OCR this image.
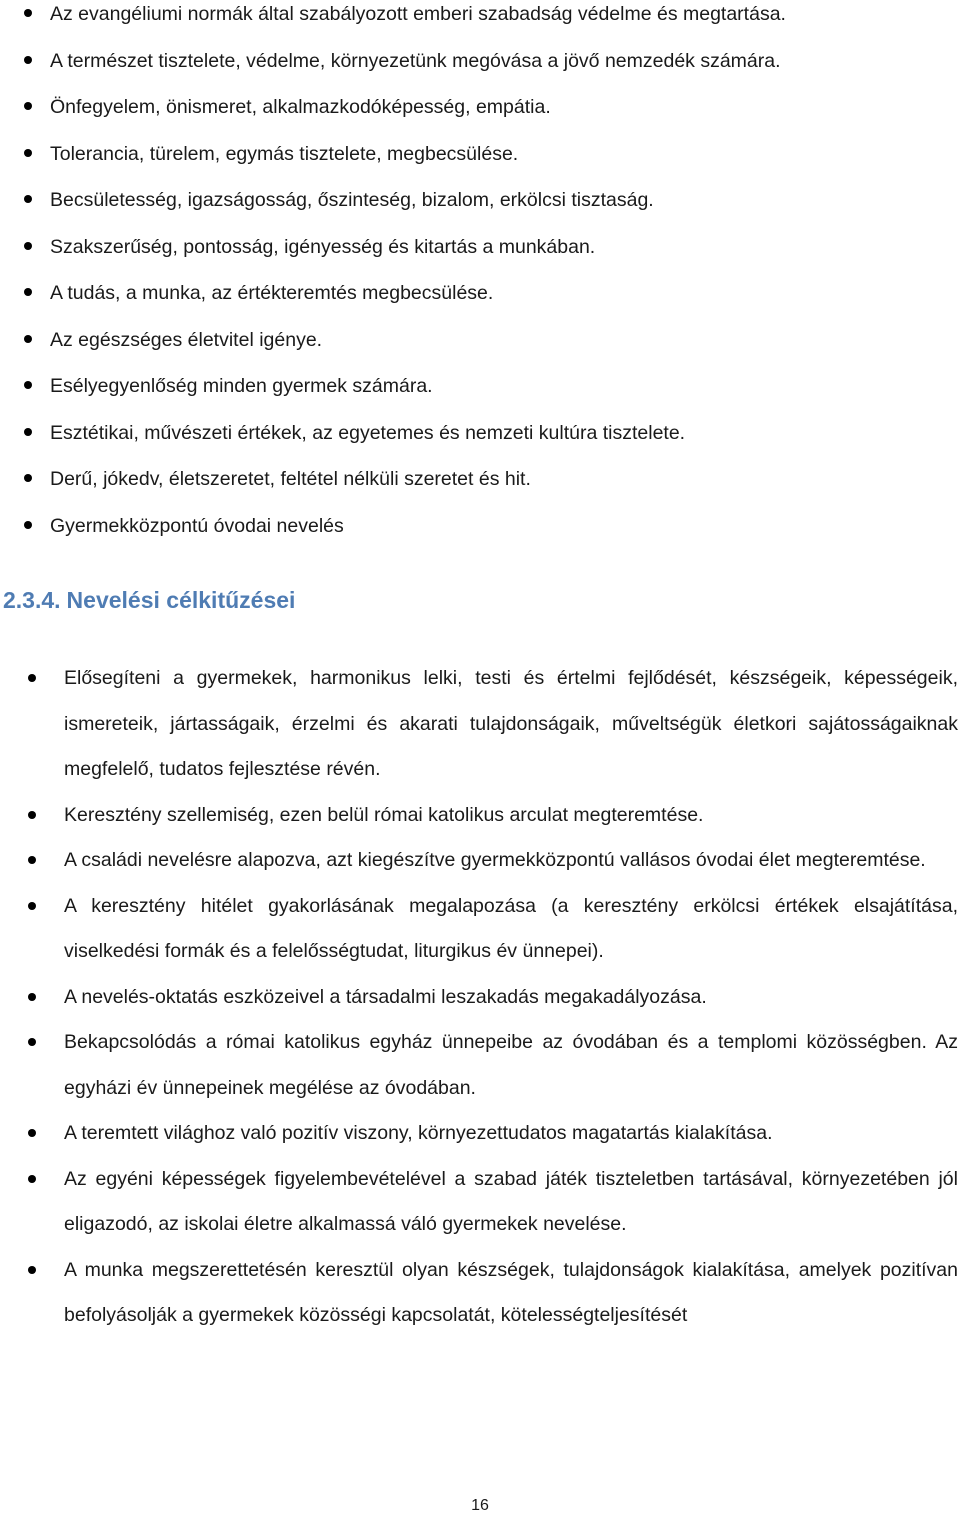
Az evangéliumi normák által szabályozott emberi szabadság védelme és megtartása.
A természet tisztelete, védelme, környezetünk megóvása a jövő nemzedék számára.
Önfegyelem, önismeret, alkalmazkodóképesség, empátia.
Tolerancia, türelem, egymás tisztelete, megbecsülése.
Becsületesség, igazságosság, őszinteség, bizalom, erkölcsi tisztaság.
Szakszerűség, pontosság, igényesség és kitartás a munkában.
A tudás, a munka, az értékteremtés megbecsülése.
Az egészséges életvitel igénye.
Esélyegyenlőség minden gyermek számára.
Esztétikai, művészeti értékek, az egyetemes és nemzeti kultúra tisztelete.
Derű, jókedv, életszeretet, feltétel nélküli szeretet és hit.
Gyermekközpontú óvodai nevelés
2.3.4. Nevelési célkitűzései
Elősegíteni a gyermekek, harmonikus lelki, testi és értelmi fejlődését, készségeik, képességeik, ismereteik, jártasságaik, érzelmi és akarati tulajdonságaik, műveltségük életkori sajátosságaiknak megfelelő, tudatos fejlesztése révén.
Keresztény szellemiség, ezen belül római katolikus arculat megteremtése.
A családi nevelésre alapozva, azt kiegészítve gyermekközpontú vallásos óvodai élet megteremtése.
A keresztény hitélet gyakorlásának megalapozása (a keresztény erkölcsi értékek elsajátítása, viselkedési formák és a felelősségtudat, liturgikus év ünnepei).
A nevelés-oktatás eszközeivel a társadalmi leszakadás megakadályozása.
Bekapcsolódás a római katolikus egyház ünnepeibe az óvodában és a templomi közösségben. Az egyházi év ünnepeinek megélése az óvodában.
A teremtett világhoz való pozitív viszony, környezettudatos magatartás kialakítása.
Az egyéni képességek figyelembevételével a szabad játék tiszteletben tartásával, környezetében jól eligazodó, az iskolai életre alkalmassá váló gyermekek nevelése.
A munka megszerettetésén keresztül olyan készségek, tulajdonságok kialakítása, amelyek pozitívan befolyásolják a gyermekek közösségi kapcsolatát, kötelességteljesítését
16
